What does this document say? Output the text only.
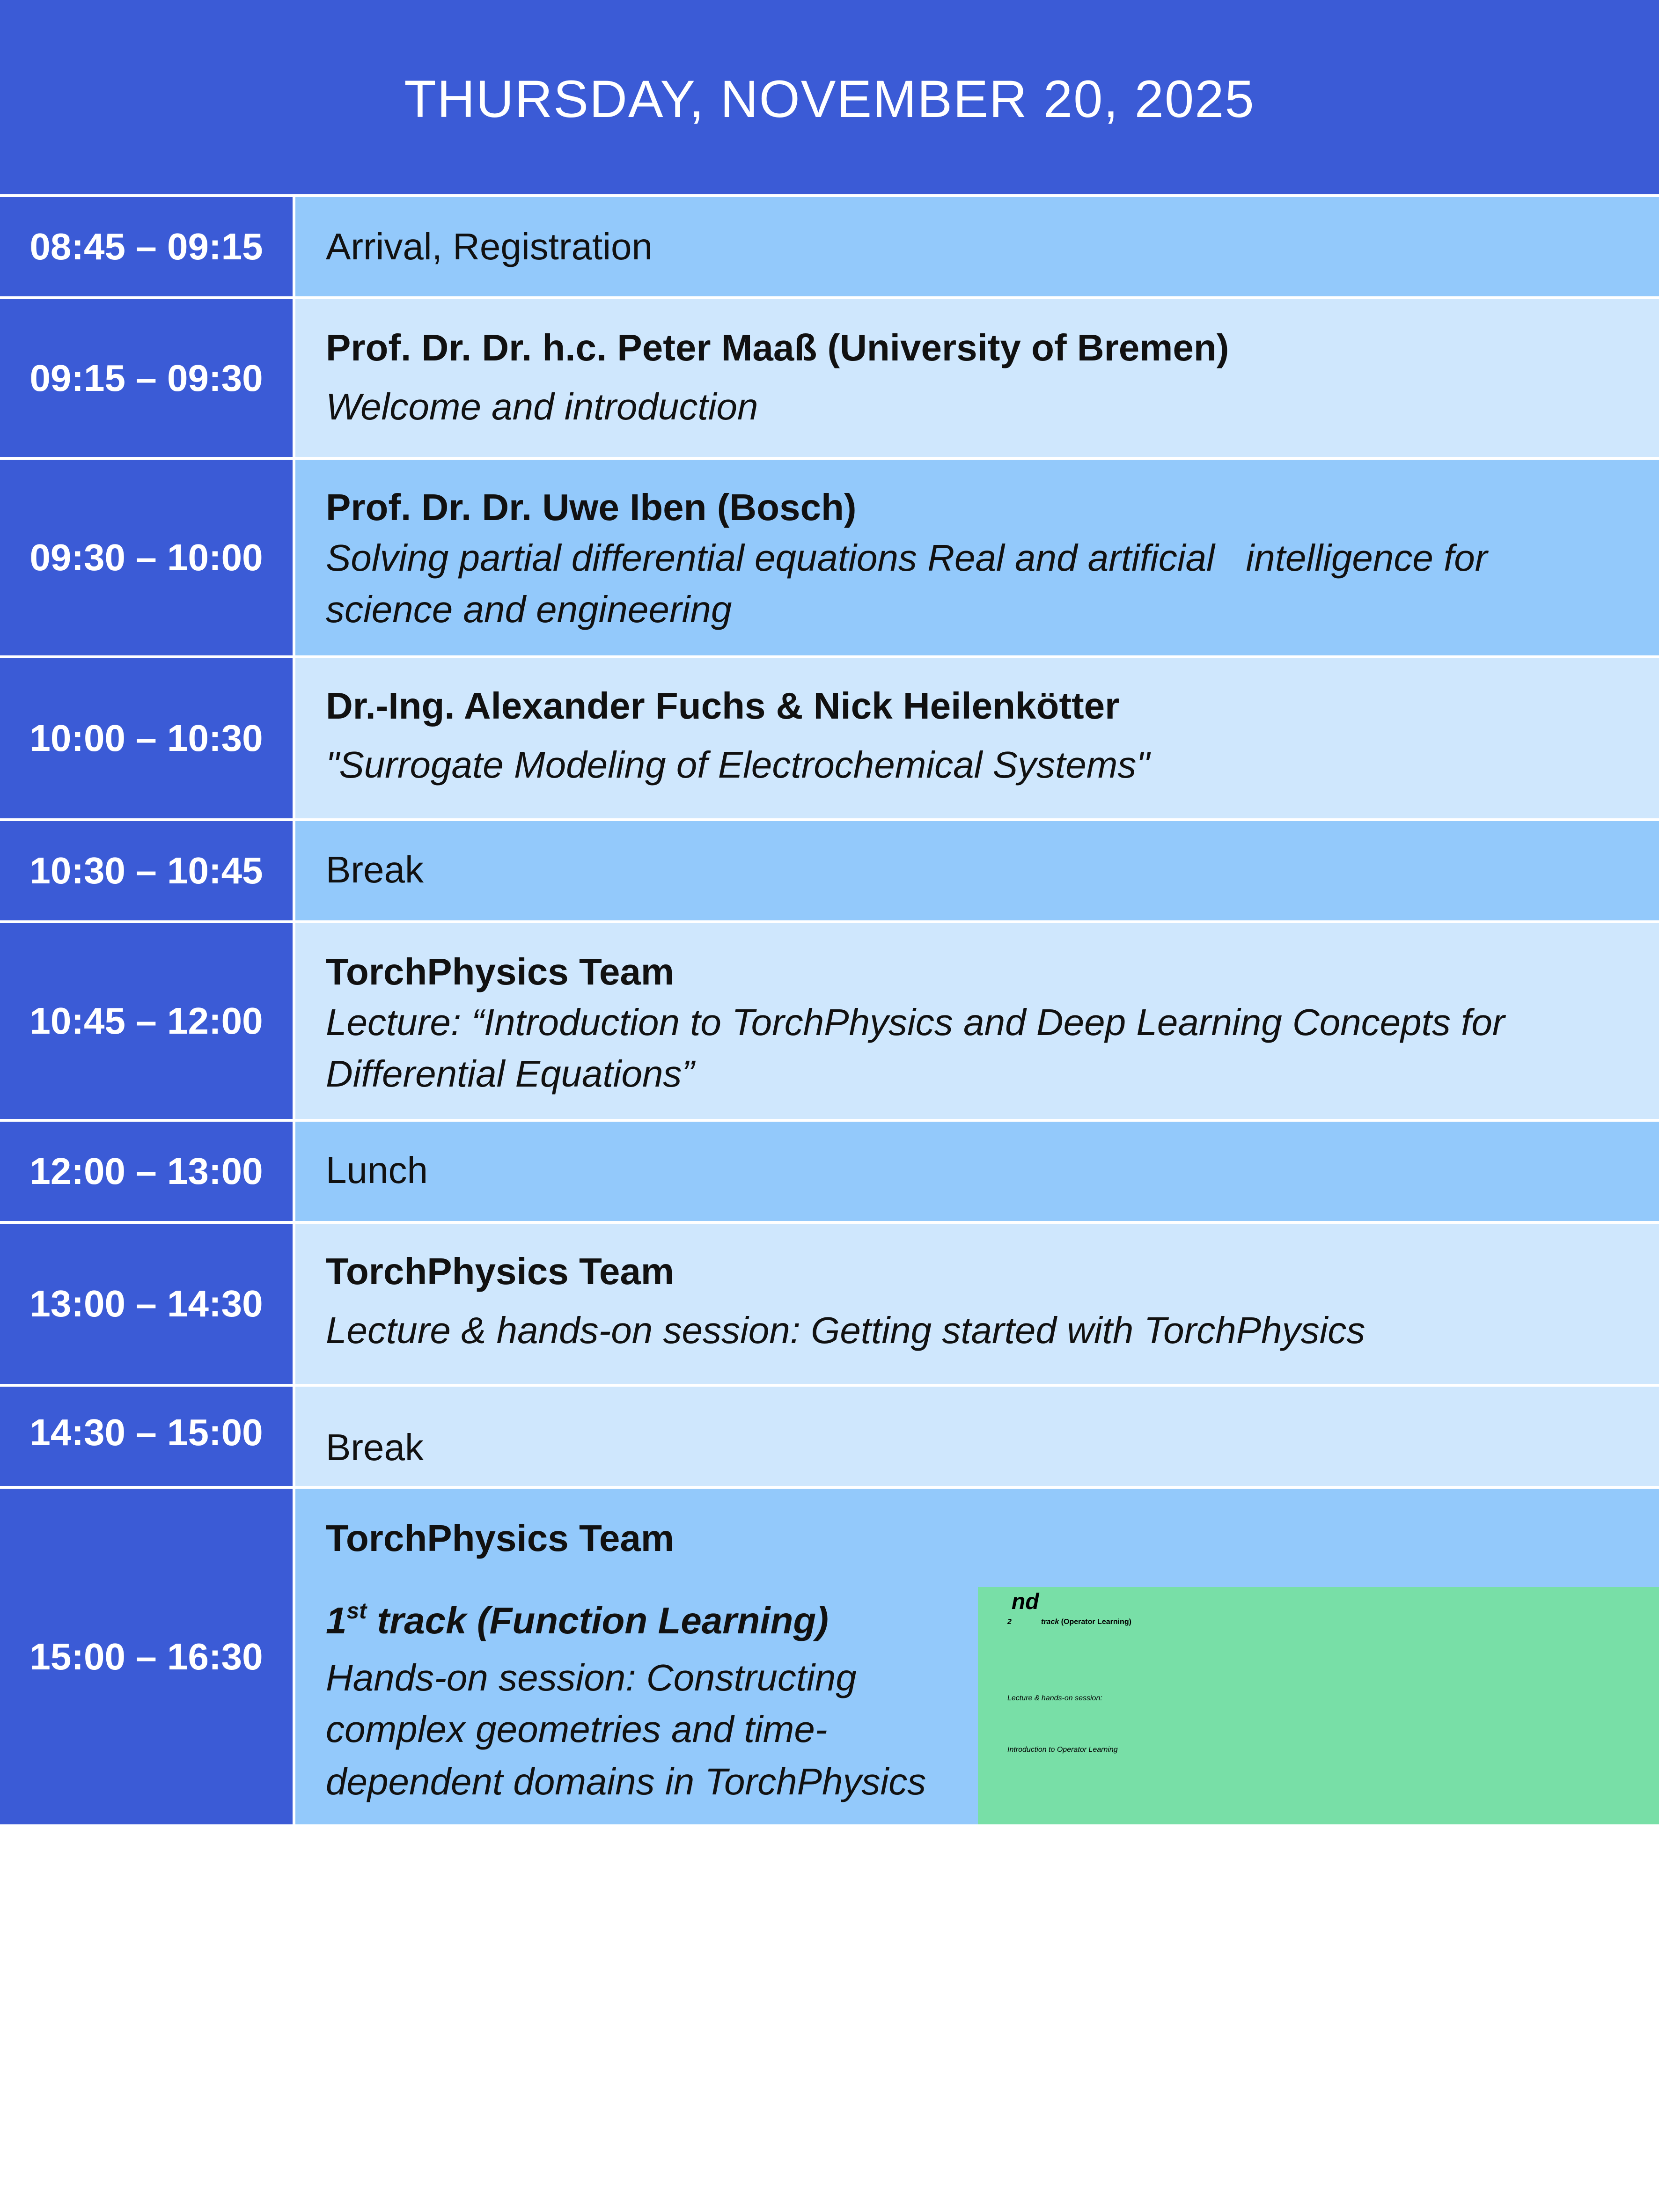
THURSDAY, NOVEMBER 20, 2025
08:45 – 09:15	Arrival, Registration
09:15 – 09:30
Prof. Dr. Dr. h.c. Peter Maaß (University of Bremen)
Welcome and introduction
09:30 – 10:00
Prof. Dr. Dr. Uwe Iben (Bosch)
Solving partial differential equations Real and artificial   intelligence for
science and engineering
10:00 – 10:30
Dr.-Ing. Alexander Fuchs & Nick Heilenkötter
"Surrogate Modeling of Electrochemical Systems"
10:30 – 10:45	Break
10:45 – 12:00
TorchPhysics Team
Lecture: “Introduction to TorchPhysics and Deep Learning Concepts for
Differential Equations”
12:00 – 13:00	Lunch
13:00 – 14:30
TorchPhysics Team
Lecture & hands-on session: Getting started with TorchPhysics
14:30 – 15:00	Break
15:00 – 16:30
TorchPhysics Team
1st track (Function Learning)
Hands-on session: Constructing
complex geometries and time-
dependent domains in TorchPhysics
2nd track (Operator Learning)
Lecture & hands-on session:
Introduction to Operator Learning
